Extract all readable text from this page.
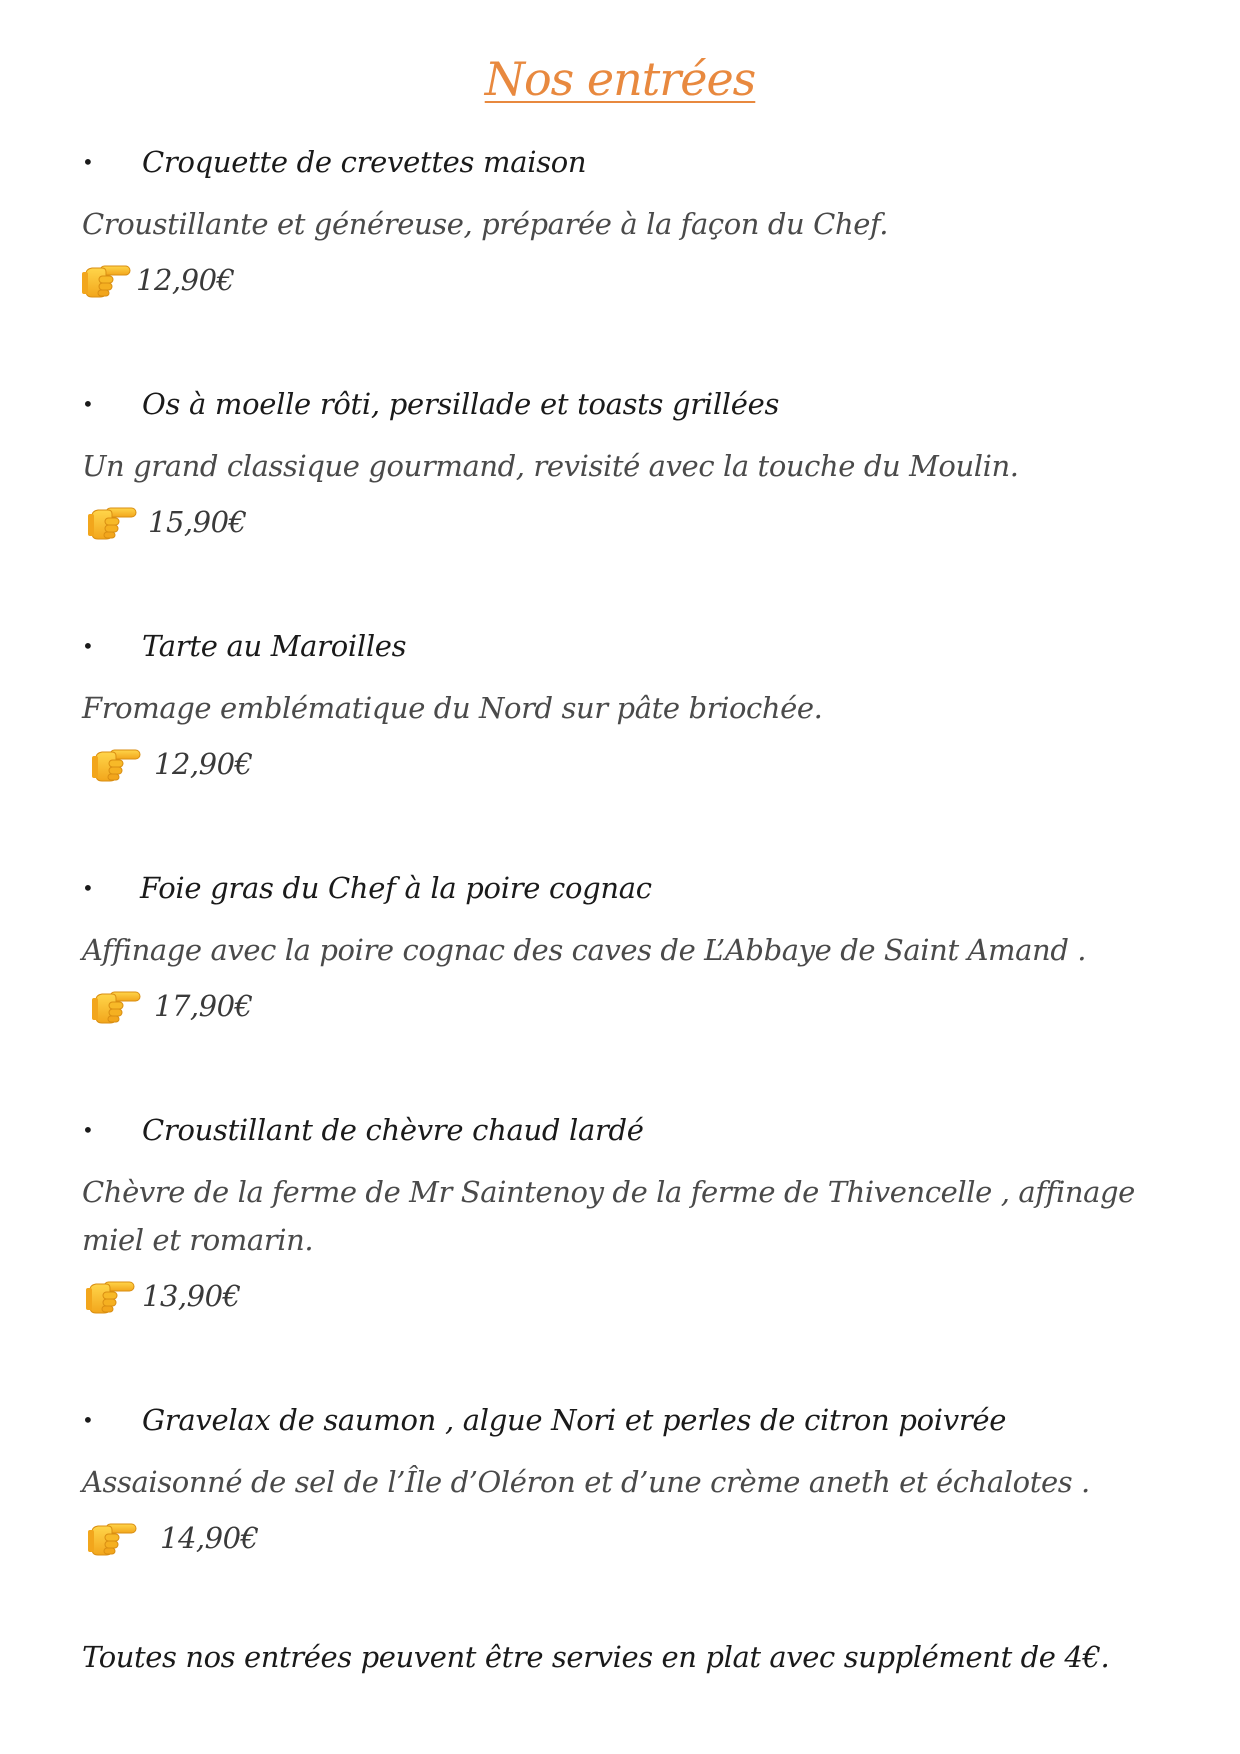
Nos entrées
• Croquette de crevettes maison
Croustillante et généreuse, préparée à la façon du Chef.
12,90€
• Os à moelle rôti, persillade et toasts grillées
Un grand classique gourmand, revisité avec la touche du Moulin.
15,90€
• Tarte au Maroilles
Fromage emblématique du Nord sur pâte briochée.
12,90€
• Foie gras du Chef à la poire cognac
Affinage avec la poire cognac des caves de L’Abbaye de Saint Amand .
17,90€
• Croustillant de chèvre chaud lardé
Chèvre de la ferme de Mr Saintenoy de la ferme de Thivencelle , affinage miel et romarin.
13,90€
• Gravelax de saumon , algue Nori et perles de citron poivrée
Assaisonné de sel de l’Île d’Oléron et d’une crème aneth et échalotes .
14,90€
Toutes nos entrées peuvent être servies en plat avec supplément de 4€.
